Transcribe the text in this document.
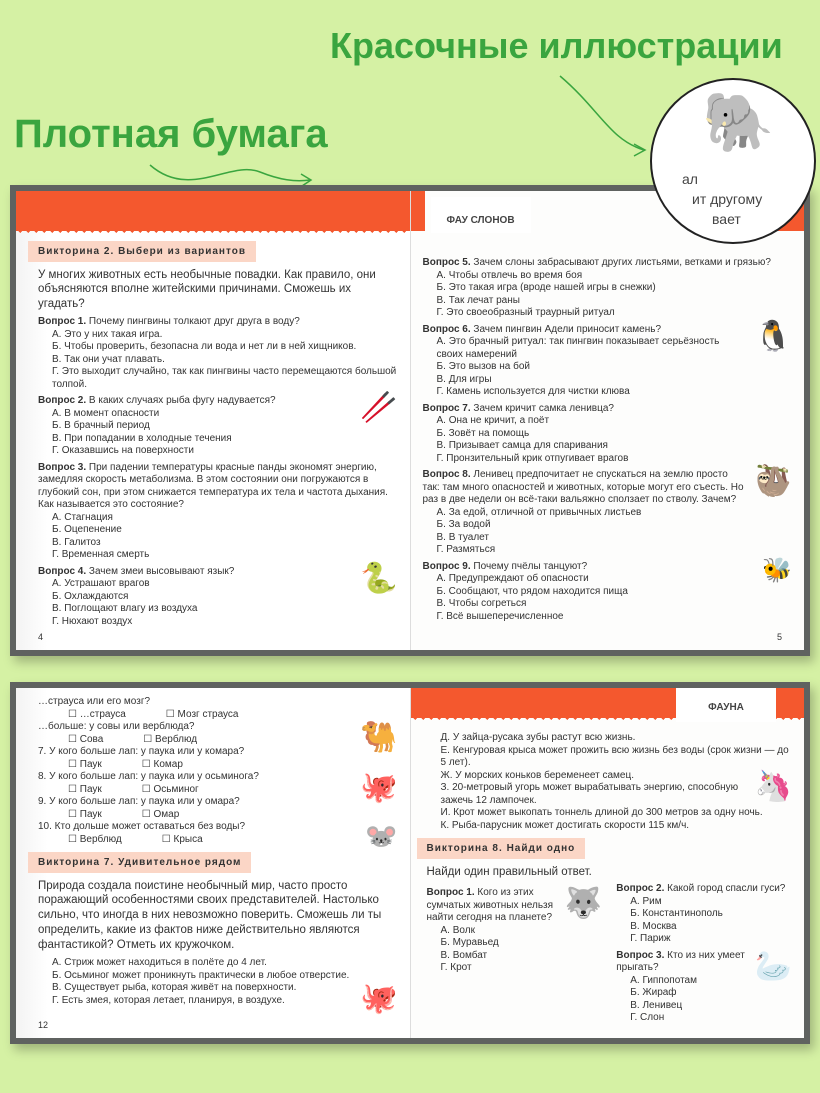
Красочные иллюстрации
Плотная бумага
Викторина 2. Выбери из вариантов
У многих животных есть необычные повадки. Как правило, они объясняются вполне житейскими причинами. Сможешь их угадать?
Вопрос 1. Почему пингвины толкают друг друга в воду?
А. Это у них такая игра.
Б. Чтобы проверить, безопасна ли вода и нет ли в ней хищников.
В. Так они учат плавать.
Г. Это выходит случайно, так как пингвины часто перемещаются большой толпой.
🥢
Вопрос 2. В каких случаях рыба фугу надувается?
А. В момент опасности
Б. В брачный период
В. При попадании в холодные течения
Г. Оказавшись на поверхности
Вопрос 3. При падении температуры красные панды экономят энергию, замедляя скорость метаболизма. В этом состоянии они погружаются в глубокий сон, при этом снижается температура их тела и частота дыхания. Как называется это состояние?
А. Стагнация
Б. Оцепенение
В. Галитоз
Г. Временная смерть
🐍
Вопрос 4. Зачем змеи высовывают язык?
А. Устрашают врагов
Б. Охлаждаются
В. Поглощают влагу из воздуха
Г. Нюхают воздух
4
ФАУ СЛОНОВ
Вопрос 5. Зачем слоны забрасывают других листьями, ветками и грязью?
А. Чтобы отвлечь во время боя
Б. Это такая игра (вроде нашей игры в снежки)
В. Так лечат раны
Г. Это своеобразный траурный ритуал
🐧
Вопрос 6. Зачем пингвин Адели приносит камень?
А. Это брачный ритуал: так пингвин показывает серьёзность своих намерений
Б. Это вызов на бой
В. Для игры
Г. Камень используется для чистки клюва
Вопрос 7. Зачем кричит самка ленивца?
А. Она не кричит, а поёт
Б. Зовёт на помощь
В. Призывает самца для спаривания
Г. Пронзительный крик отпугивает врагов
🦥
Вопрос 8. Ленивец предпочитает не спускаться на землю просто так: там много опасностей и животных, которые могут его съесть. Но раз в две недели он всё-таки вальяжно сползает по стволу. Зачем?
А. За едой, отличной от привычных листьев
Б. За водой
В. В туалет
Г. Размяться
🐝
Вопрос 9. Почему пчёлы танцуют?
А. Предупреждают об опасности
Б. Сообщают, что рядом находится пища
В. Чтобы согреться
Г. Всё вышеперечисленное
5
🐘
ал
ит другому
вает
…страуса или его мозг?
☐ …страуса	☐ Мозг страуса
🐫
…больше: у совы или верблюда?
☐ Сова	☐ Верблюд
7. У кого больше лап: у паука или у комара?
☐ Паук	☐ Комар
🐙
8. У кого больше лап: у паука или у осьминога?
☐ Паук	☐ Осьминог
9. У кого больше лап: у паука или у омара?
☐ Паук	☐ Омар
🐭
10. Кто дольше может оставаться без воды?
☐ Верблюд	☐ Крыса
Викторина 7. Удивительное рядом
Природа создала поистине необычный мир, часто просто поражающий особенностями своих представителей. Настолько сильно, что иногда в них невозможно поверить. Сможешь ли ты определить, какие из фактов ниже действительно являются фантастикой? Отметь их кружочком.
А. Стриж может находиться в полёте до 4 лет.
Б. Осьминог может проникнуть практически в любое отверстие.
🐙
В. Существует рыба, которая живёт на поверхности.
Г. Есть змея, которая летает, планируя, в воздухе.
12
ФАУНА
Д. У зайца-русака зубы растут всю жизнь.
Е. Кенгуровая крыса может прожить всю жизнь без воды (срок жизни — до 5 лет).
🦄
Ж. У морских коньков беременеет самец.
З. 20-метровый угорь может вырабатывать энергию, способную зажечь 12 лампочек.
И. Крот может выкопать тоннель длиной до 300 метров за одну ночь.
К. Рыба-парусник может достигать скорости 115 км/ч.
Викторина 8. Найди одно
Найди один правильный ответ.
🐺
Вопрос 1. Кого из этих сумчатых животных нельзя найти сегодня на планете?
А. Волк
Б. Муравьед
В. Вомбат
Г. Крот
Вопрос 2. Какой город спасли гуси?
А. Рим
Б. Константинополь
В. Москва
Г. Париж
🦢
Вопрос 3. Кто из них умеет прыгать?
А. Гиппопотам
Б. Жираф
В. Ленивец
Г. Слон
